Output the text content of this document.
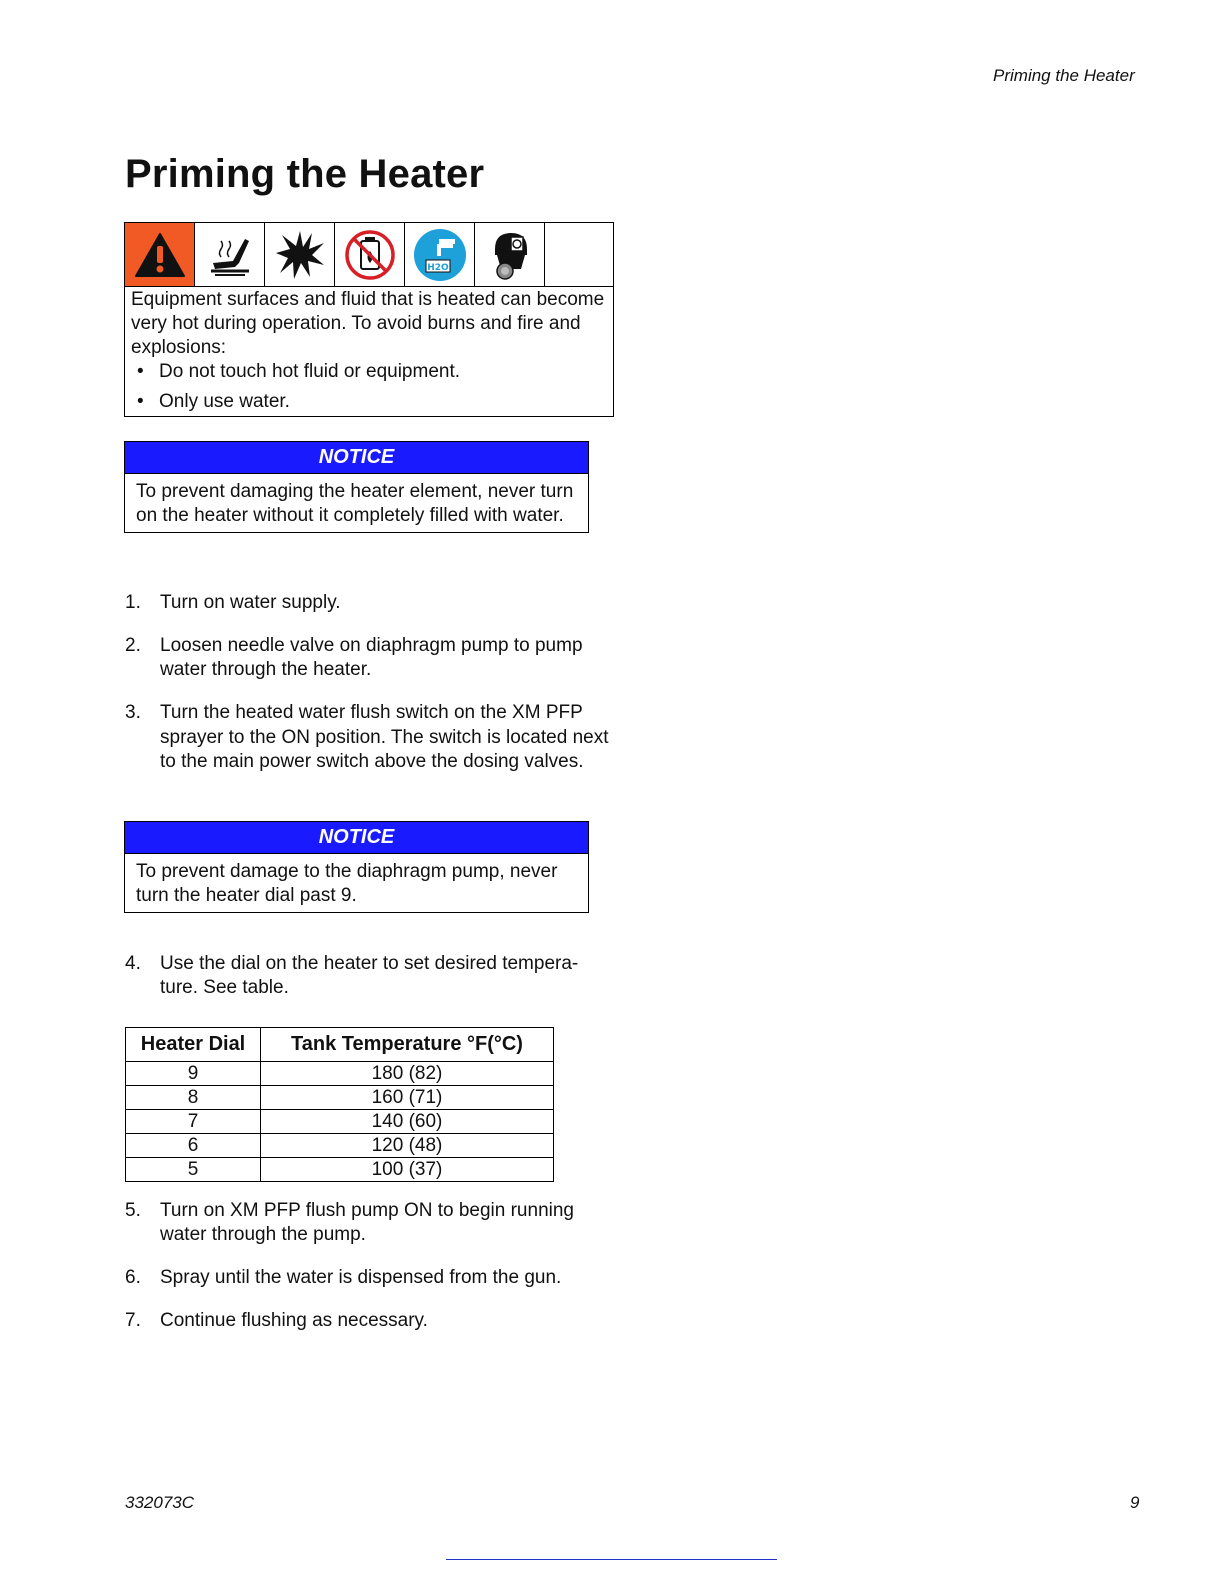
Priming the Heater
Priming the Heater
H2O

Equipment surfaces and fluid that is heated can become very hot during operation. To avoid burns and fire and explosions:

• Do not touch hot fluid or equipment.
• Only use water.
NOTICE
To prevent damaging the heater element, never turn on the heater without it completely filled with water.
1. Turn on water supply.
2. Loosen needle valve on diaphragm pump to pump water through the heater.
3. Turn the heated water flush switch on the XM PFP sprayer to the ON position. The switch is located next to the main power switch above the dosing valves.
NOTICE
To prevent damage to the diaphragm pump, never turn the heater dial past 9.
4. Use the dial on the heater to set desired tempera-ture. See table.
Heater Dial	Tank Temperature °F(°C)
9	180 (82)
8	160 (71)
7	140 (60)
6	120 (48)
5	100 (37)
5. Turn on XM PFP flush pump ON to begin running water through the pump.
6. Spray until the water is dispensed from the gun.
7. Continue flushing as necessary.
332073C	9
